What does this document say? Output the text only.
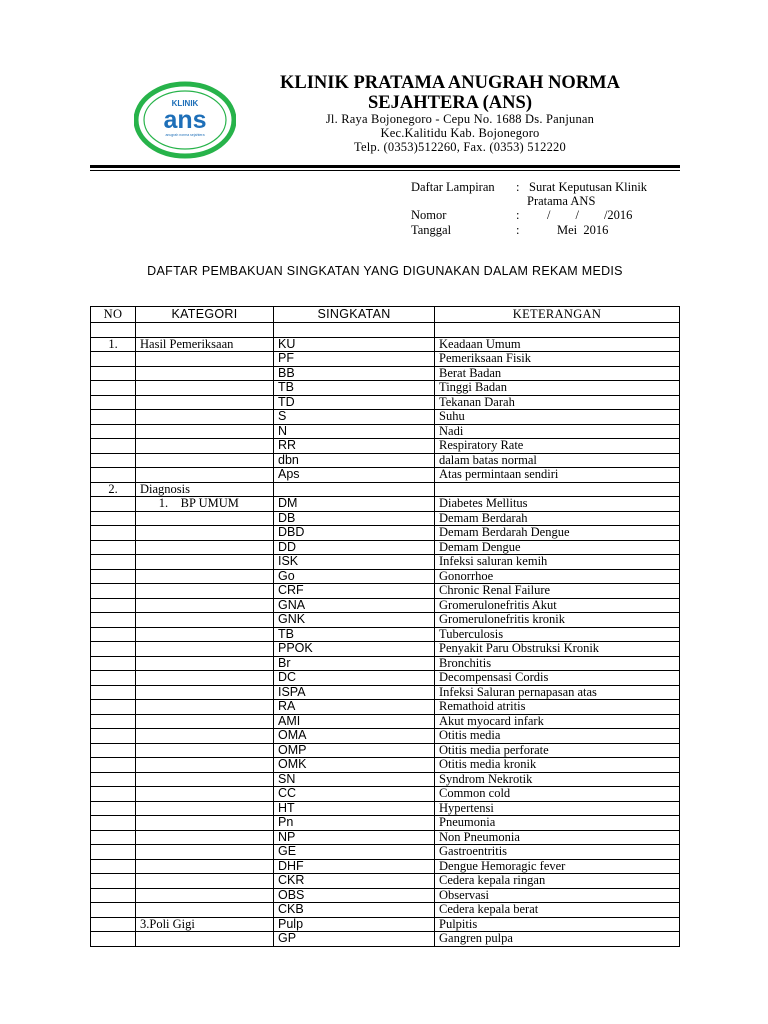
KLINIK
ans
anugrah norma sejahtera
KLINIK PRATAMA ANUGRAH NORMA
SEJAHTERA (ANS)
Jl. Raya Bojonegoro - Cepu No. 1688 Ds. Panjunan
Kec.Kalitidu Kab. Bojonegoro
Telp. (0353)512260, Fax. (0353) 512220
Daftar Lampiran : Surat Keputusan Klinik
Pratama ANS
Nomor	: /        /        /2016
Tanggal	:	Mei  2016
DAFTAR PEMBAKUAN SINGKATAN YANG DIGUNAKAN DALAM REKAM MEDIS
NO	KATEGORI	SINGKATAN	KETERANGAN

1.	Hasil Pemeriksaan	KU	Keadaan Umum
		PF	Pemeriksaan Fisik
		BB	Berat Badan
		TB	Tinggi Badan
		TD	Tekanan Darah
		S	Suhu
		N	Nadi
		RR	Respiratory Rate
		dbn	dalam batas normal
		Aps	Atas permintaan sendiri
2.	Diagnosis		
	1.    BP UMUM	DM	Diabetes Mellitus
		DB	Demam Berdarah
		DBD	Demam Berdarah Dengue
		DD	Demam Dengue
		ISK	Infeksi saluran kemih
		Go	Gonorrhoe
		CRF	Chronic Renal Failure
		GNA	Gromerulonefritis Akut
		GNK	Gromerulonefritis kronik
		TB	Tuberculosis
		PPOK	Penyakit Paru Obstruksi Kronik
		Br	Bronchitis
		DC	Decompensasi Cordis
		ISPA	Infeksi Saluran pernapasan atas
		RA	Remathoid atritis
		AMI	Akut myocard infark
		OMA	Otitis media
		OMP	Otitis media perforate
		OMK	Otitis media kronik
		SN	Syndrom Nekrotik
		CC	Common cold
		HT	Hypertensi
		Pn	Pneumonia
		NP	Non Pneumonia
		GE	Gastroentritis
		DHF	Dengue Hemoragic fever
		CKR	Cedera kepala ringan
		OBS	Observasi
		CKB	Cedera kepala berat
	3.Poli Gigi	Pulp	Pulpitis
		GP	Gangren pulpa
